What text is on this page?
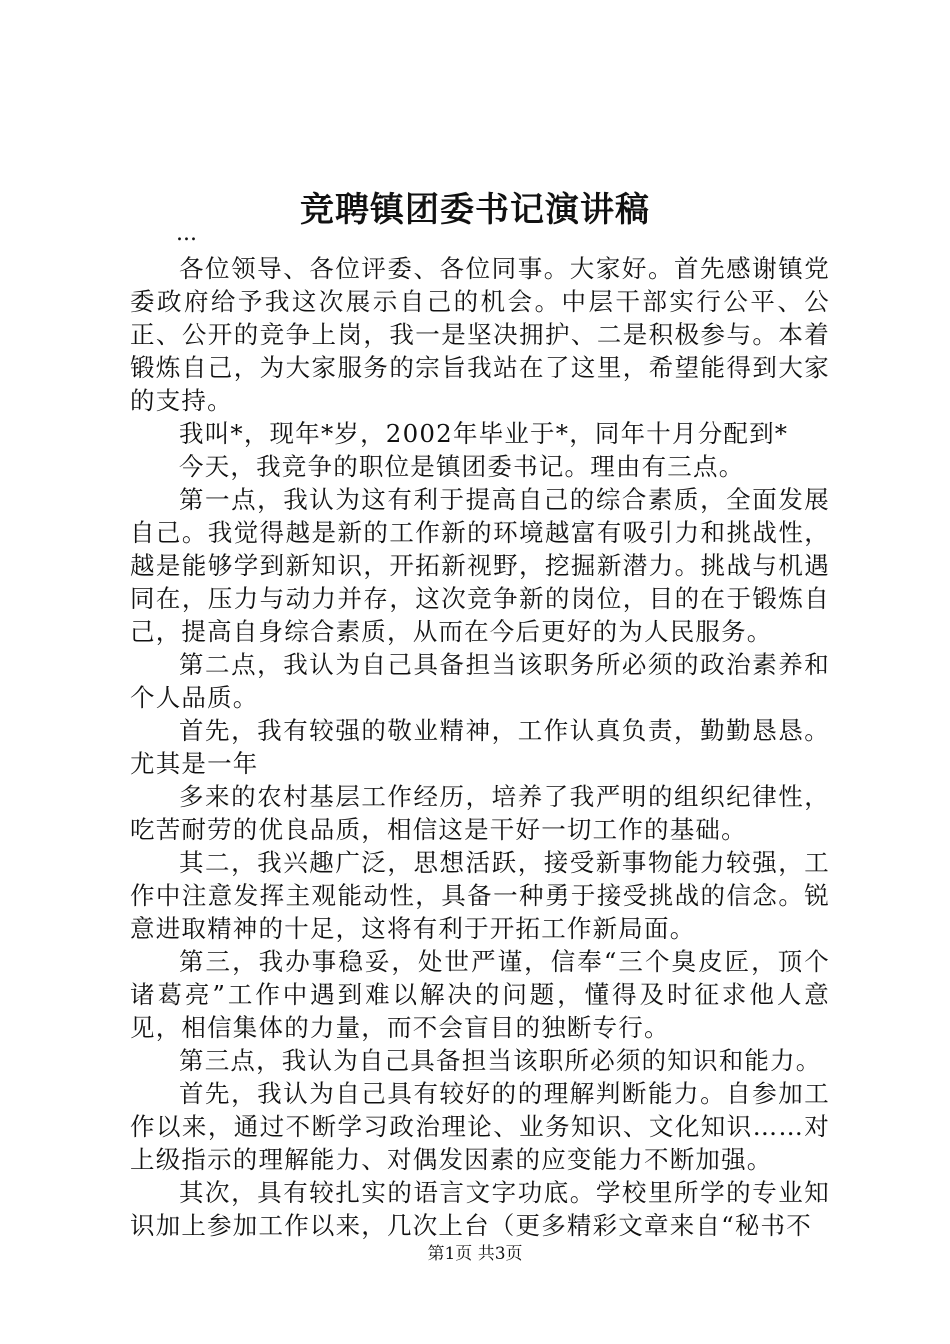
竞聘镇团委书记演讲稿
...

各位领导、各位评委、各位同事。大家好。首先感谢镇党委政府给予我这次展示自己的机会。中层干部实行公平、公正、公开的竞争上岗，我一是坚决拥护、二是积极参与。本着锻炼自己，为大家服务的宗旨我站在了这里，希望能得到大家的支持。

我叫*，现年*岁，2002年毕业于*，同年十月分配到*

今天，我竞争的职位是镇团委书记。理由有三点。

第一点，我认为这有利于提高自己的综合素质，全面发展自己。我觉得越是新的工作新的环境越富有吸引力和挑战性，越是能够学到新知识，开拓新视野，挖掘新潜力。挑战与机遇同在，压力与动力并存，这次竞争新的岗位，目的在于锻炼自己，提高自身综合素质，从而在今后更好的为人民服务。

第二点，我认为自己具备担当该职务所必须的政治素养和个人品质。

首先，我有较强的敬业精神，工作认真负责，勤勤恳恳。尤其是一年

多来的农村基层工作经历，培养了我严明的组织纪律性，吃苦耐劳的优良品质，相信这是干好一切工作的基础。

其二，我兴趣广泛，思想活跃，接受新事物能力较强，工作中注意发挥主观能动性，具备一种勇于接受挑战的信念。锐意进取精神的十足，这将有利于开拓工作新局面。

第三，我办事稳妥，处世严谨，信奉“三个臭皮匠，顶个诸葛亮”工作中遇到难以解决的问题，懂得及时征求他人意见，相信集体的力量，而不会盲目的独断专行。

第三点，我认为自己具备担当该职所必须的知识和能力。

首先，我认为自己具有较好的的理解判断能力。自参加工作以来，通过不断学习政治理论、业务知识、文化知识……对上级指示的理解能力、对偶发因素的应变能力不断加强。

其次，具有较扎实的语言文字功底。学校里所学的专业知识加上参加工作以来，几次上台（更多精彩文章来自“秘书不

第1页 共3页
